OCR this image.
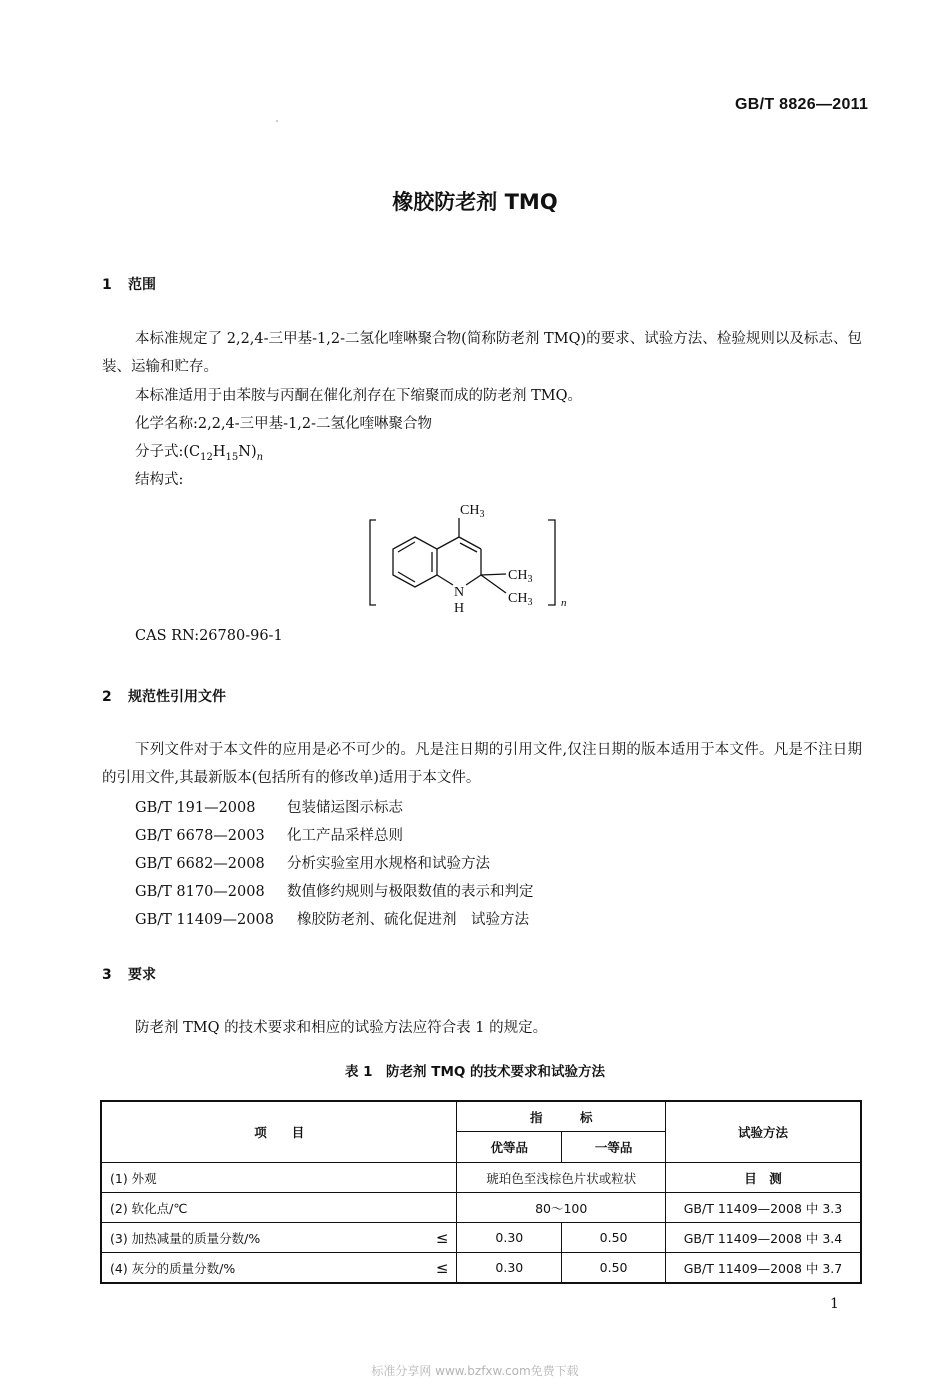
GB/T 8826—2011
橡胶防老剂 TMQ
1 范围
本标准规定了 2,2,4-三甲基-1,2-二氢化喹啉聚合物(简称防老剂 TMQ)的要求、试验方法、检验规则以及标志、包装、运输和贮存。
本标准适用于由苯胺与丙酮在催化剂存在下缩聚而成的防老剂 TMQ。
化学名称:2,2,4-三甲基-1,2-二氢化喹啉聚合物
分子式$:(C_{12}H_{15}N)_n$
结构式:
$CH_3$
$CH_3$
$CH_3$
N
H	n
CAS RN:26780-96-1
2 规范性引用文件
下列文件对于本文件的应用是必不可少的。凡是注日期的引用文件,仅注日期的版本适用于本文件。凡是不注日期的引用文件,其最新版本(包括所有的修改单)适用于本文件。
GB/T 191—2008 包装储运图示标志
GB/T 6678—2003 化工产品采样总则
GB/T 6682—2008 分析实验室用水规格和试验方法
GB/T 8170—2008 数值修约规则与极限数值的表示和判定
GB/T 11409—2008 橡胶防老剂、硫化促进剂　试验方法
3 要求
防老剂 TMQ 的技术要求和相应的试验方法应符合表 1 的规定。
表 1　防老剂 TMQ 的技术要求和试验方法
项　　目	指　　　标		试验方法
	优等品	一等品	
(1) 外观	琥珀色至浅棕色片状或粒状		目　测
(2) 软化点/℃	80～100		GB/T 11409—2008 中 3.3

(3) 加热减量的质量分数/% ≤	0.30	0.50	GB/T 11409—2008 中 3.4

(4) 灰分的质量分数/% ≤	0.30	0.50	GB/T 11409—2008 中 3.7
1
标准分享网 www.bzfxw.com免费下载
